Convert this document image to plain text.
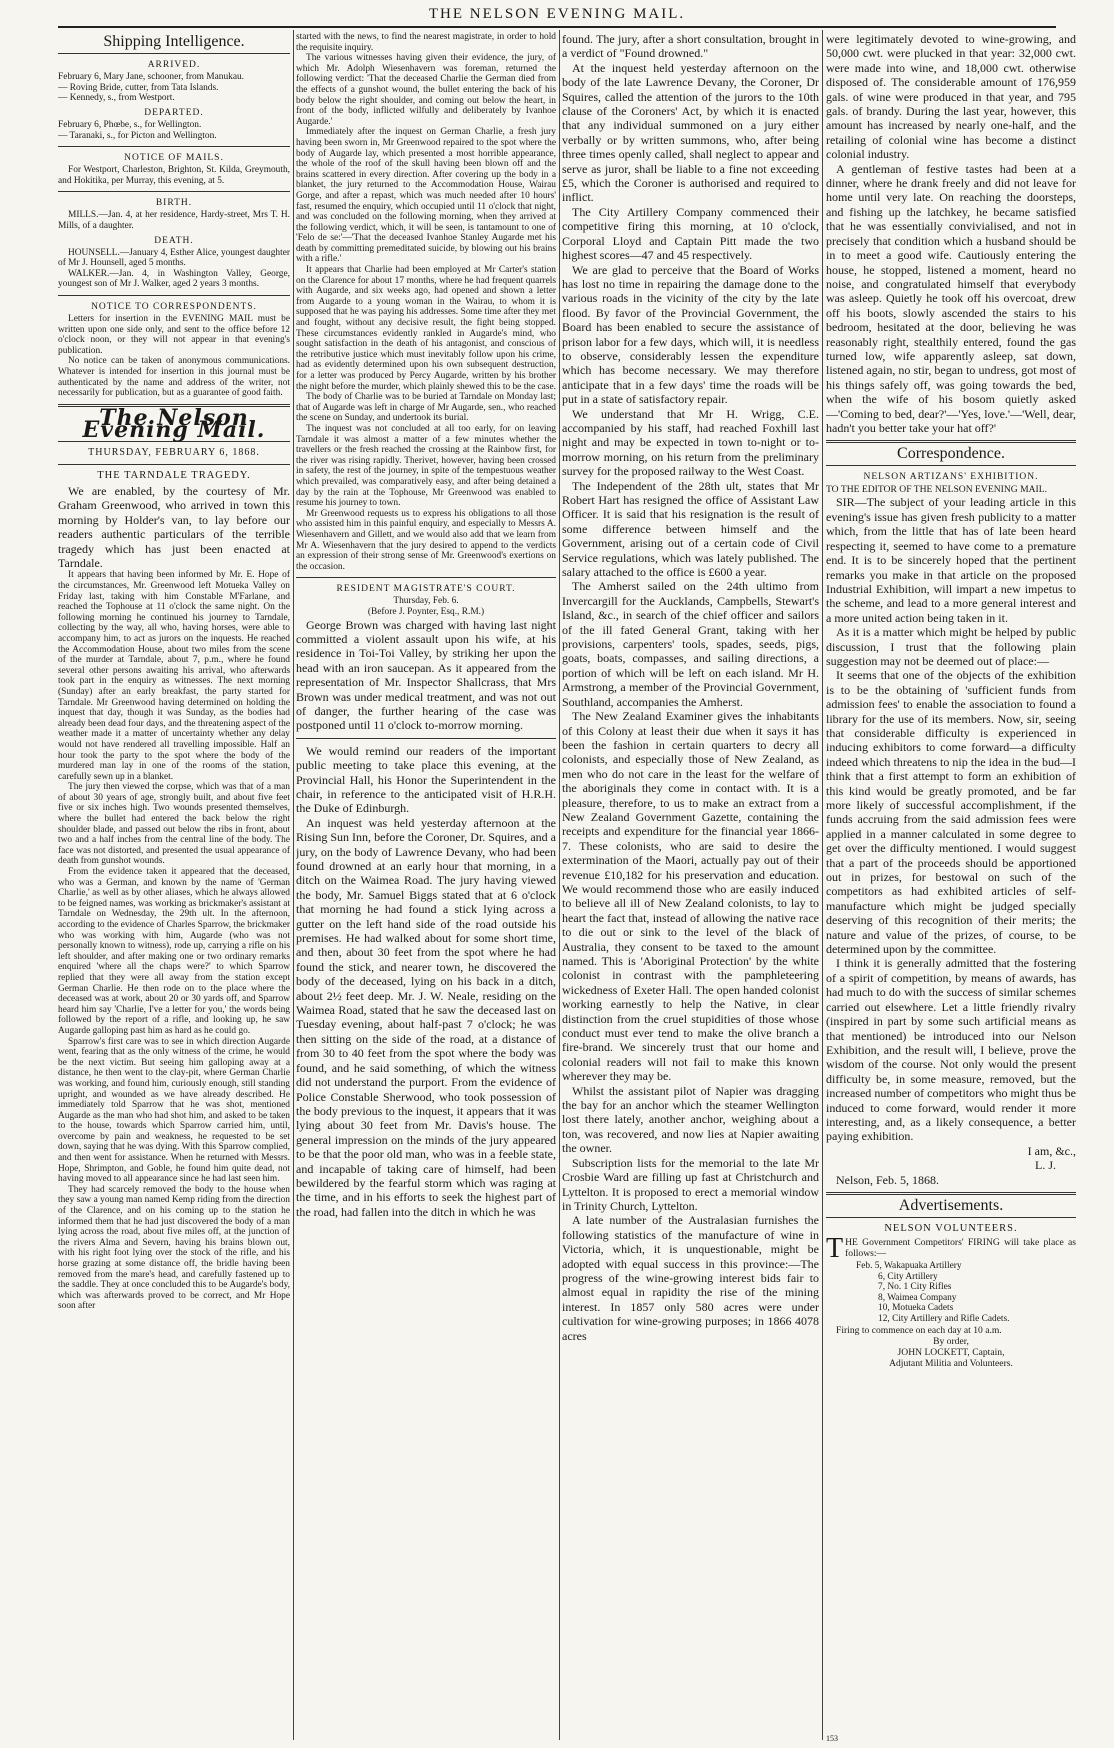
THE NELSON EVENING MAIL.
Shipping Intelligence.
ARRIVED.

February 6, Mary Jane, schooner, from Manukau.

— Roving Bride, cutter, from Tata Islands.

— Kennedy, s., from Westport.

DEPARTED.

February 6, Phœbe, s., for Wellington.

— Taranaki, s., for Picton and Wellington.

NOTICE OF MAILS.

For Westport, Charleston, Brighton, St. Kilda, Greymouth, and Hokitika, per Murray, this evening, at 5.

BIRTH.

MILLS.—Jan. 4, at her residence, Hardy-street, Mrs T. H. Mills, of a daughter.

DEATH.

HOUNSELL.—January 4, Esther Alice, youngest daughter of Mr J. Hounsell, aged 5 months.

WALKER.—Jan. 4, in Washington Valley, George, youngest son of Mr J. Walker, aged 2 years 3 months.

NOTICE TO CORRESPONDENTS.

Letters for insertion in the EVENING MAIL must be written upon one side only, and sent to the office before 12 o'clock noon, or they will not appear in that evening's publication.

No notice can be taken of anonymous communications. Whatever is intended for insertion in this journal must be authenticated by the name and address of the writer, not necessarily for publication, but as a guarantee of good faith.

The Nelson Evening Mail.
THURSDAY, FEBRUARY 6, 1868.
THE TARNDALE TRAGEDY.

We are enabled, by the courtesy of Mr. Graham Greenwood, who arrived in town this morning by Holder's van, to lay before our readers authentic particulars of the terrible tragedy which has just been enacted at Tarndale.

It appears that having been informed by Mr. E. Hope of the circumstances, Mr. Greenwood left Motueka Valley on Friday last, taking with him Constable M'Farlane, and reached the Tophouse at 11 o'clock the same night. On the following morning he continued his journey to Tarndale, collecting by the way, all who, having horses, were able to accompany him, to act as jurors on the inquests. He reached the Accommodation House, about two miles from the scene of the murder at Tarndale, about 7, p.m., where he found several other persons awaiting his arrival, who afterwards took part in the enquiry as witnesses. The next morning (Sunday) after an early breakfast, the party started for Tarndale. Mr Greenwood having determined on holding the inquest that day, though it was Sunday, as the bodies had already been dead four days, and the threatening aspect of the weather made it a matter of uncertainty whether any delay would not have rendered all travelling impossible. Half an hour took the party to the spot where the body of the murdered man lay in one of the rooms of the station, carefully sewn up in a blanket.

The jury then viewed the corpse, which was that of a man of about 30 years of age, strongly built, and about five feet five or six inches high. Two wounds presented themselves, where the bullet had entered the back below the right shoulder blade, and passed out below the ribs in front, about two and a half inches from the central line of the body. The face was not distorted, and presented the usual appearance of death from gunshot wounds.

From the evidence taken it appeared that the deceased, who was a German, and known by the name of 'German Charlie,' as well as by other aliases, which he always allowed to be feigned names, was working as brickmaker's assistant at Tarndale on Wednesday, the 29th ult. In the afternoon, according to the evidence of Charles Sparrow, the brickmaker who was working with him, Augarde (who was not personally known to witness), rode up, carrying a rifle on his left shoulder, and after making one or two ordinary remarks enquired 'where all the chaps were?' to which Sparrow replied that they were all away from the station except German Charlie. He then rode on to the place where the deceased was at work, about 20 or 30 yards off, and Sparrow heard him say 'Charlie, I've a letter for you,' the words being followed by the report of a rifle, and looking up, he saw Augarde galloping past him as hard as he could go.

Sparrow's first care was to see in which direction Augarde went, fearing that as the only witness of the crime, he would be the next victim. But seeing him galloping away at a distance, he then went to the clay-pit, where German Charlie was working, and found him, curiously enough, still standing upright, and wounded as we have already described. He immediately told Sparrow that he was shot, mentioned Augarde as the man who had shot him, and asked to be taken to the house, towards which Sparrow carried him, until, overcome by pain and weakness, he requested to be set down, saying that he was dying. With this Sparrow complied, and then went for assistance. When he returned with Messrs. Hope, Shrimpton, and Goble, he found him quite dead, not having moved to all appearance since he had last seen him.

They had scarcely removed the body to the house when they saw a young man named Kemp riding from the direction of the Clarence, and on his coming up to the station he informed them that he had just discovered the body of a man lying across the road, about five miles off, at the junction of the rivers Alma and Severn, having his brains blown out, with his right foot lying over the stock of the rifle, and his horse grazing at some distance off, the bridle having been removed from the mare's head, and carefully fastened up to the saddle. They at once concluded this to be Augarde's body, which was afterwards proved to be correct, and Mr Hope soon after

started with the news, to find the nearest magistrate, in order to hold the requisite inquiry.

The various witnesses having given their evidence, the jury, of which Mr. Adolph Wiesenhavern was foreman, returned the following verdict: 'That the deceased Charlie the German died from the effects of a gunshot wound, the bullet entering the back of his body below the right shoulder, and coming out below the heart, in front of the body, inflicted wilfully and deliberately by Ivanhoe Augarde.'

Immediately after the inquest on German Charlie, a fresh jury having been sworn in, Mr Greenwood repaired to the spot where the body of Augarde lay, which presented a most horrible appearance, the whole of the roof of the skull having been blown off and the brains scattered in every direction. After covering up the body in a blanket, the jury returned to the Accommodation House, Wairau Gorge, and after a repast, which was much needed after 10 hours' fast, resumed the enquiry, which occupied until 11 o'clock that night, and was concluded on the following morning, when they arrived at the following verdict, which, it will be seen, is tantamount to one of 'Felo de se:'—'That the deceased Ivanhoe Stanley Augarde met his death by committing premeditated suicide, by blowing out his brains with a rifle.'

It appears that Charlie had been employed at Mr Carter's station on the Clarence for about 17 months, where he had frequent quarrels with Augarde, and six weeks ago, had opened and shown a letter from Augarde to a young woman in the Wairau, to whom it is supposed that he was paying his addresses. Some time after they met and fought, without any decisive result, the fight being stopped. These circumstances evidently rankled in Augarde's mind, who sought satisfaction in the death of his antagonist, and conscious of the retributive justice which must inevitably follow upon his crime, had as evidently determined upon his own subsequent destruction, for a letter was produced by Percy Augarde, written by his brother the night before the murder, which plainly shewed this to be the case.

The body of Charlie was to be buried at Tarndale on Monday last; that of Augarde was left in charge of Mr Augarde, sen., who reached the scene on Sunday, and undertook its burial.

The inquest was not concluded at all too early, for on leaving Tarndale it was almost a matter of a few minutes whether the travellers or the fresh reached the crossing at the Rainbow first, for the river was rising rapidly. Therivet, however, having been crossed in safety, the rest of the journey, in spite of the tempestuous weather which prevailed, was comparatively easy, and after being detained a day by the rain at the Tophouse, Mr Greenwood was enabled to resume his journey to town.

Mr Greenwood requests us to express his obligations to all those who assisted him in this painful enquiry, and especially to Messrs A. Wiesenhavern and Gillett, and we would also add that we learn from Mr A. Wiesenhavern that the jury desired to append to the verdicts an expression of their strong sense of Mr. Greenwood's exertions on the occasion.

RESIDENT MAGISTRATE'S COURT.

Thursday, Feb. 6.

(Before J. Poynter, Esq., R.M.)

George Brown was charged with having last night committed a violent assault upon his wife, at his residence in Toi-Toi Valley, by striking her upon the head with an iron saucepan. As it appeared from the representation of Mr. Inspector Shallcrass, that Mrs Brown was under medical treatment, and was not out of danger, the further hearing of the case was postponed until 11 o'clock to-morrow morning.

We would remind our readers of the important public meeting to take place this evening, at the Provincial Hall, his Honor the Superintendent in the chair, in reference to the anticipated visit of H.R.H. the Duke of Edinburgh.

An inquest was held yesterday afternoon at the Rising Sun Inn, before the Coroner, Dr. Squires, and a jury, on the body of Lawrence Devany, who had been found drowned at an early hour that morning, in a ditch on the Waimea Road. The jury having viewed the body, Mr. Samuel Biggs stated that at 6 o'clock that morning he had found a stick lying across a gutter on the left hand side of the road outside his premises. He had walked about for some short time, and then, about 30 feet from the spot where he had found the stick, and nearer town, he discovered the body of the deceased, lying on his back in a ditch, about 2½ feet deep. Mr. J. W. Neale, residing on the Waimea Road, stated that he saw the deceased last on Tuesday evening, about half-past 7 o'clock; he was then sitting on the side of the road, at a distance of from 30 to 40 feet from the spot where the body was found, and he said something, of which the witness did not understand the purport. From the evidence of Police Constable Sherwood, who took possession of the body previous to the inquest, it appears that it was lying about 30 feet from Mr. Davis's house. The general impression on the minds of the jury appeared to be that the poor old man, who was in a feeble state, and incapable of taking care of himself, had been bewildered by the fearful storm which was raging at the time, and in his efforts to seek the highest part of the road, had fallen into the ditch in which he was

found. The jury, after a short consultation, brought in a verdict of "Found drowned."

At the inquest held yesterday afternoon on the body of the late Lawrence Devany, the Coroner, Dr Squires, called the attention of the jurors to the 10th clause of the Coroners' Act, by which it is enacted that any individual summoned on a jury either verbally or by written summons, who, after being three times openly called, shall neglect to appear and serve as juror, shall be liable to a fine not exceeding £5, which the Coroner is authorised and required to inflict.

The City Artillery Company commenced their competitive firing this morning, at 10 o'clock, Corporal Lloyd and Captain Pitt made the two highest scores—47 and 45 respectively.

We are glad to perceive that the Board of Works has lost no time in repairing the damage done to the various roads in the vicinity of the city by the late flood. By favor of the Provincial Government, the Board has been enabled to secure the assistance of prison labor for a few days, which will, it is needless to observe, considerably lessen the expenditure which has become necessary. We may therefore anticipate that in a few days' time the roads will be put in a state of satisfactory repair.

We understand that Mr H. Wrigg, C.E. accompanied by his staff, had reached Foxhill last night and may be expected in town to-night or to-morrow morning, on his return from the preliminary survey for the proposed railway to the West Coast.

The Independent of the 28th ult, states that Mr Robert Hart has resigned the office of Assistant Law Officer. It is said that his resignation is the result of some difference between himself and the Government, arising out of a certain code of Civil Service regulations, which was lately published. The salary attached to the office is £600 a year.

The Amherst sailed on the 24th ultimo from Invercargill for the Aucklands, Campbells, Stewart's Island, &c., in search of the chief officer and sailors of the ill fated General Grant, taking with her provisions, carpenters' tools, spades, seeds, pigs, goats, boats, compasses, and sailing directions, a portion of which will be left on each island. Mr H. Armstrong, a member of the Provincial Government, Southland, accompanies the Amherst.

The New Zealand Examiner gives the inhabitants of this Colony at least their due when it says it has been the fashion in certain quarters to decry all colonists, and especially those of New Zealand, as men who do not care in the least for the welfare of the aboriginals they come in contact with. It is a pleasure, therefore, to us to make an extract from a New Zealand Government Gazette, containing the receipts and expenditure for the financial year 1866-7. These colonists, who are said to desire the extermination of the Maori, actually pay out of their revenue £10,182 for his preservation and education. We would recommend those who are easily induced to believe all ill of New Zealand colonists, to lay to heart the fact that, instead of allowing the native race to die out or sink to the level of the black of Australia, they consent to be taxed to the amount named. This is 'Aboriginal Protection' by the white colonist in contrast with the pamphleteering wickedness of Exeter Hall. The open handed colonist working earnestly to help the Native, in clear distinction from the cruel stupidities of those whose conduct must ever tend to make the olive branch a fire-brand. We sincerely trust that our home and colonial readers will not fail to make this known wherever they may be.

Whilst the assistant pilot of Napier was dragging the bay for an anchor which the steamer Wellington lost there lately, another anchor, weighing about a ton, was recovered, and now lies at Napier awaiting the owner.

Subscription lists for the memorial to the late Mr Crosbie Ward are filling up fast at Christchurch and Lyttelton. It is proposed to erect a memorial window in Trinity Church, Lyttelton.

A late number of the Australasian furnishes the following statistics of the manufacture of wine in Victoria, which, it is unquestionable, might be adopted with equal success in this province:—The progress of the wine-growing interest bids fair to almost equal in rapidity the rise of the mining interest. In 1857 only 580 acres were under cultivation for wine-growing purposes; in 1866 4078 acres

were legitimately devoted to wine-growing, and 50,000 cwt. were plucked in that year: 32,000 cwt. were made into wine, and 18,000 cwt. otherwise disposed of. The considerable amount of 176,959 gals. of wine were produced in that year, and 795 gals. of brandy. During the last year, however, this amount has increased by nearly one-half, and the retailing of colonial wine has become a distinct colonial industry.

A gentleman of festive tastes had been at a dinner, where he drank freely and did not leave for home until very late. On reaching the doorsteps, and fishing up the latchkey, he became satisfied that he was essentially convivialised, and not in precisely that condition which a husband should be in to meet a good wife. Cautiously entering the house, he stopped, listened a moment, heard no noise, and congratulated himself that everybody was asleep. Quietly he took off his overcoat, drew off his boots, slowly ascended the stairs to his bedroom, hesitated at the door, believing he was reasonably right, stealthily entered, found the gas turned low, wife apparently asleep, sat down, listened again, no stir, began to undress, got most of his things safely off, was going towards the bed, when the wife of his bosom quietly asked—'Coming to bed, dear?'—'Yes, love.'—'Well, dear, hadn't you better take your hat off?'

Correspondence.
NELSON ARTIZANS' EXHIBITION.

TO THE EDITOR OF THE NELSON EVENING MAIL.

SIR—The subject of your leading article in this evening's issue has given fresh publicity to a matter which, from the little that has of late been heard respecting it, seemed to have come to a premature end. It is to be sincerely hoped that the pertinent remarks you make in that article on the proposed Industrial Exhibition, will impart a new impetus to the scheme, and lead to a more general interest and a more united action being taken in it.

As it is a matter which might be helped by public discussion, I trust that the following plain suggestion may not be deemed out of place:—

It seems that one of the objects of the exhibition is to be the obtaining of 'sufficient funds from admission fees' to enable the association to found a library for the use of its members. Now, sir, seeing that considerable difficulty is experienced in inducing exhibitors to come forward—a difficulty indeed which threatens to nip the idea in the bud—I think that a first attempt to form an exhibition of this kind would be greatly promoted, and be far more likely of successful accomplishment, if the funds accruing from the said admission fees were applied in a manner calculated in some degree to get over the difficulty mentioned. I would suggest that a part of the proceeds should be apportioned out in prizes, for bestowal on such of the competitors as had exhibited articles of self-manufacture which might be judged specially deserving of this recognition of their merits; the nature and value of the prizes, of course, to be determined upon by the committee.

I think it is generally admitted that the fostering of a spirit of competition, by means of awards, has had much to do with the success of similar schemes carried out elsewhere. Let a little friendly rivalry (inspired in part by some such artificial means as that mentioned) be introduced into our Nelson Exhibition, and the result will, I believe, prove the wisdom of the course. Not only would the present difficulty be, in some measure, removed, but the increased number of competitors who might thus be induced to come forward, would render it more interesting, and, as a likely consequence, a better paying exhibition.

I am, &c.,

L. J.

Nelson, Feb. 5, 1868.

Advertisements.
NELSON VOLUNTEERS.

THE Government Competitors' FIRING will take place as follows:—

Feb. 5, Wakapuaka Artillery
6, City Artillery
7, No. 1 City Rifles
8, Waimea Company
10, Motueka Cadets
12, City Artillery and Rifle Cadets.

Firing to commence on each day at 10 a.m.

By order,

JOHN LOCKETT, Captain,

Adjutant Militia and Volunteers.

153
